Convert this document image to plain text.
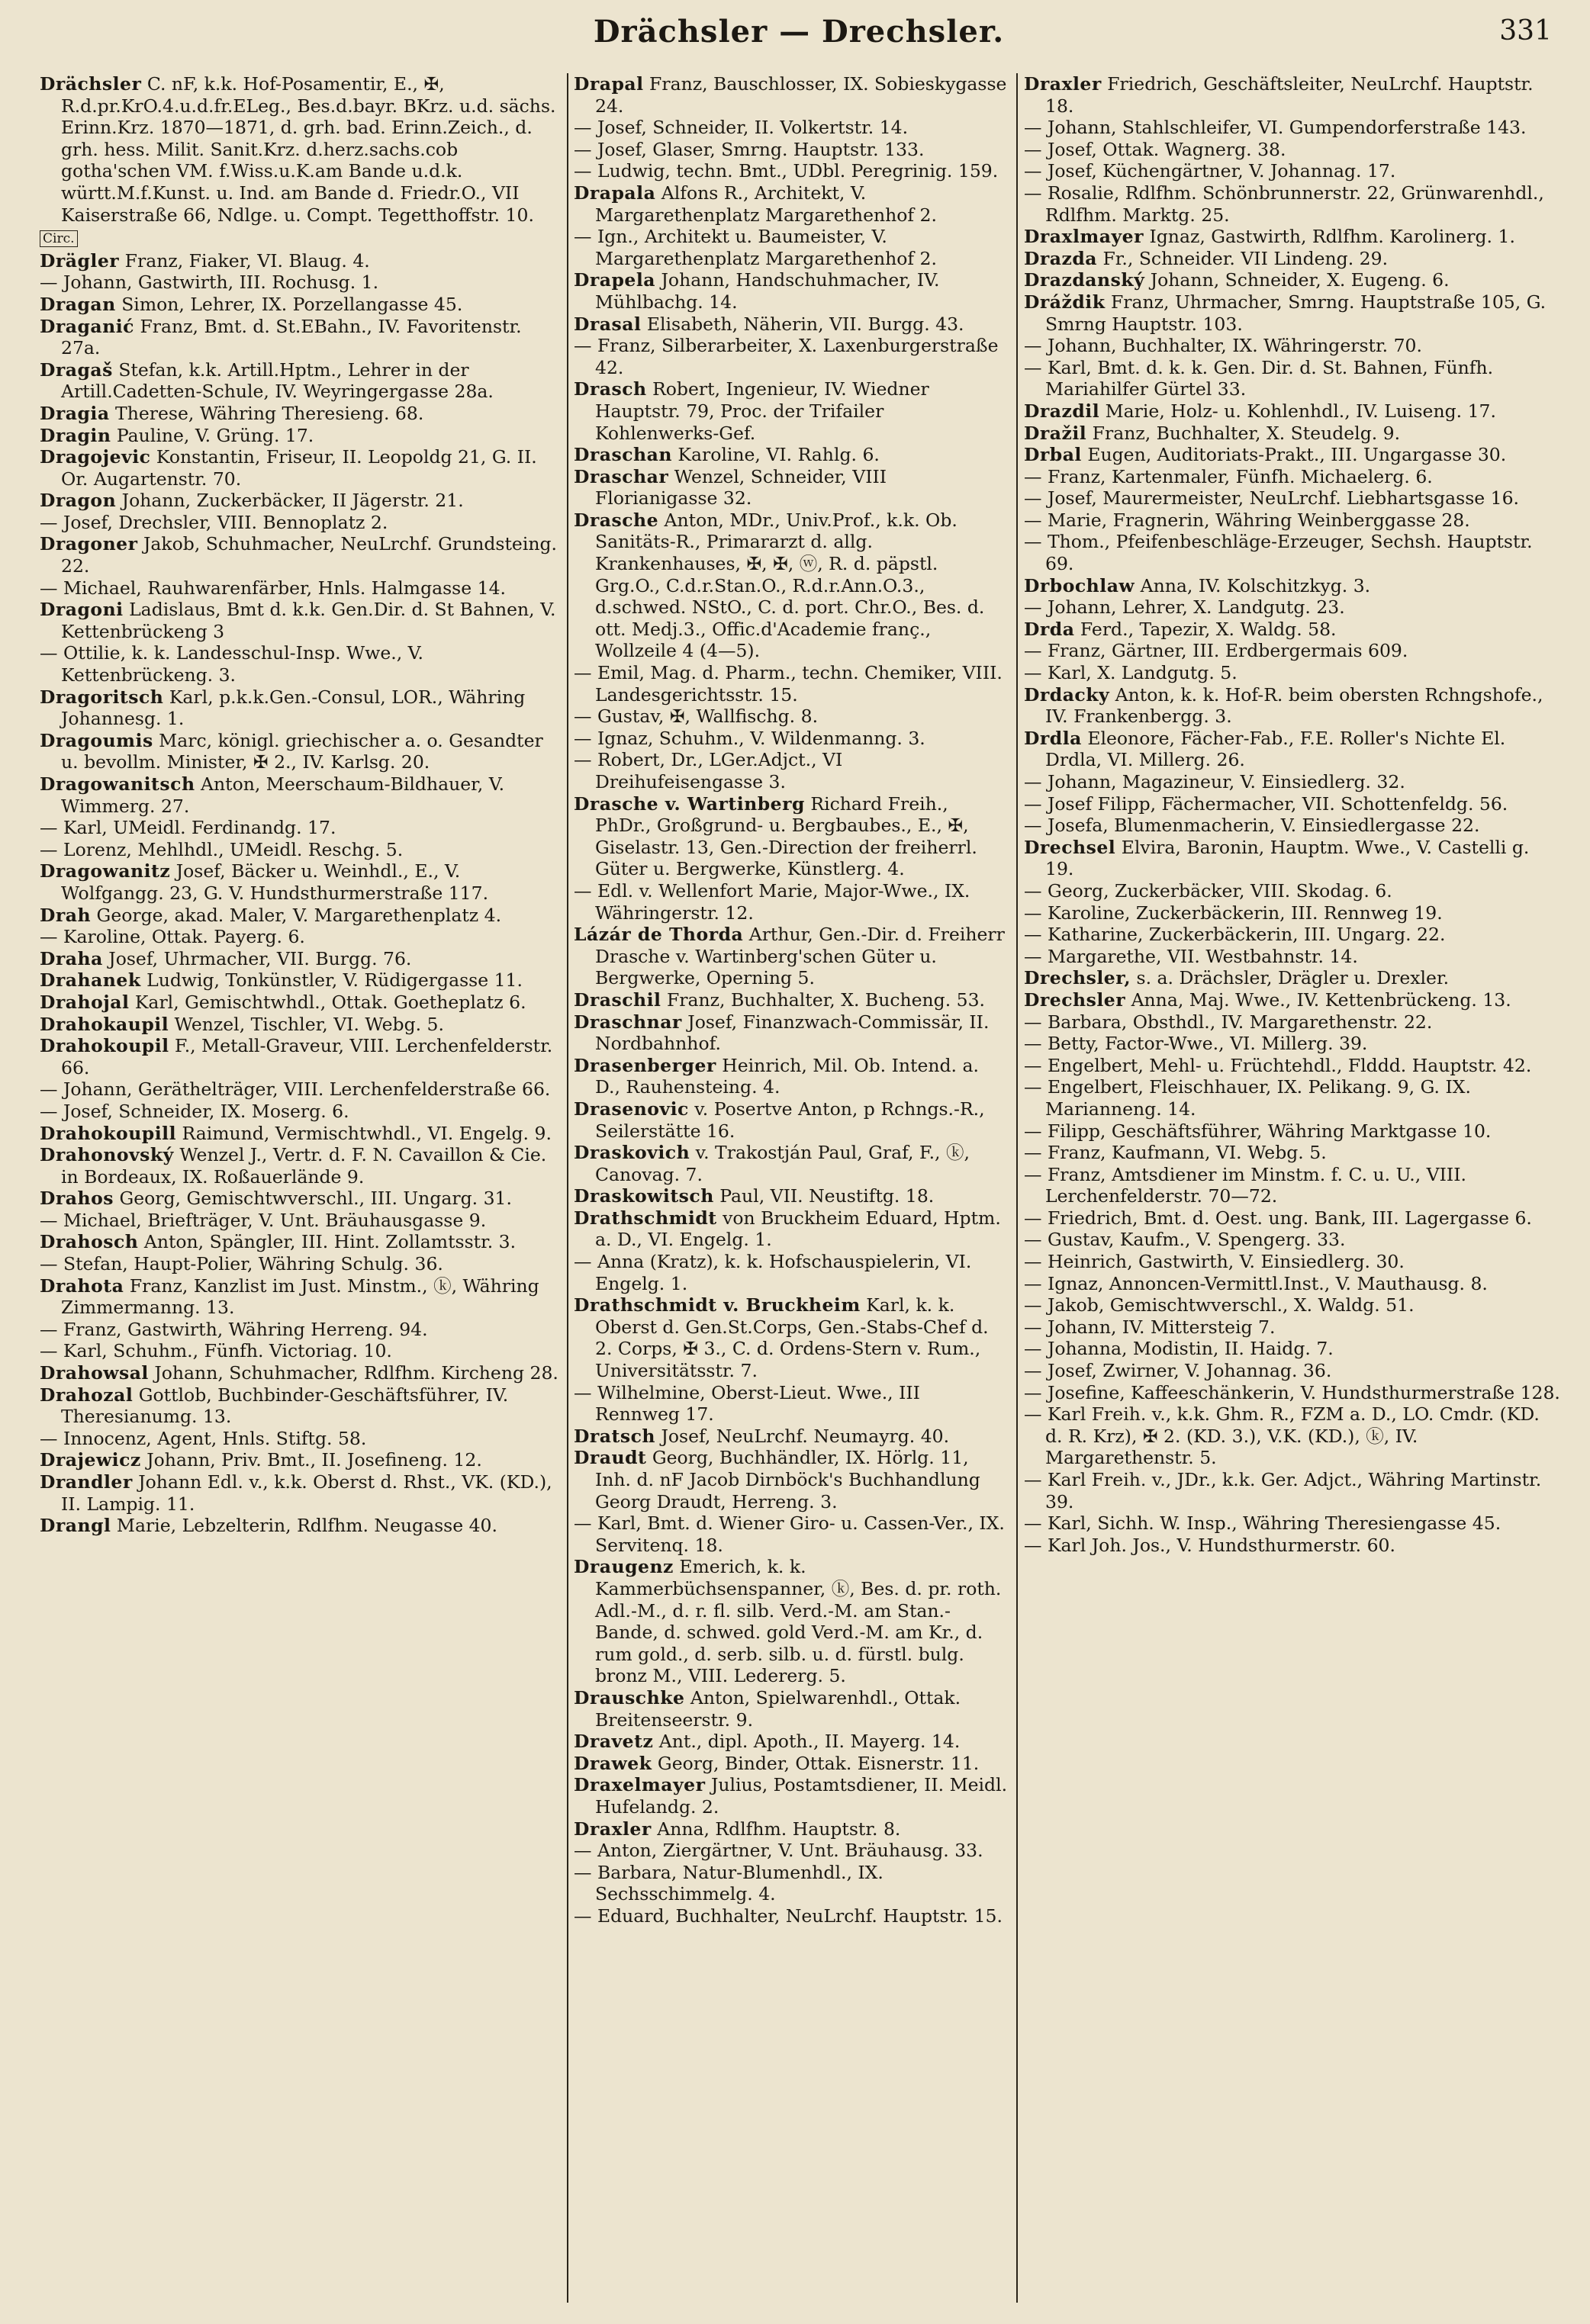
Drächsler — Drechsler.	331

Drächsler C. nF, k.k. Hof-Posamentir, E., ✠, R.d.pr.KrO.4.u.d.fr.ELeg., Bes.d.bayr. BKrz. u.d. sächs. Erinn.Krz. 1870—1871, d. grh. bad. Erinn.Zeich., d. grh. hess. Milit. Sanit.Krz. d.herz.sachs.cob gotha'schen VM. f.Wiss.u.K.am Bande u.d.k. württ.M.f.Kunst. u. Ind. am Bande d. Friedr.O., VII Kaiserstraße 66, Ndlge. u. Compt. Tegetthoffstr. 10.

Circ.

Drägler Franz, Fiaker, VI. Blaug. 4.

— Johann, Gastwirth, III. Rochusg. 1.

Dragan Simon, Lehrer, IX. Porzellangasse 45.

Draganić Franz, Bmt. d. St.EBahn., IV. Favoritenstr. 27a.

Dragaš Stefan, k.k. Artill.Hptm., Lehrer in der Artill.Cadetten-Schule, IV. Weyringergasse 28a.

Dragia Therese, Währing Theresieng. 68.

Dragin Pauline, V. Grüng. 17.

Dragojevic Konstantin, Friseur, II. Leopoldg 21, G. II. Or. Augartenstr. 70.

Dragon Johann, Zuckerbäcker, II Jägerstr. 21.

— Josef, Drechsler, VIII. Bennoplatz 2.

Dragoner Jakob, Schuhmacher, NeuLrchf. Grundsteing. 22.

— Michael, Rauhwarenfärber, Hnls. Halmgasse 14.

Dragoni Ladislaus, Bmt d. k.k. Gen.Dir. d. St Bahnen, V. Kettenbrückeng 3

— Ottilie, k. k. Landesschul-Insp. Wwe., V. Kettenbrückeng. 3.

Dragoritsch Karl, p.k.k.Gen.-Consul, LOR., Währing Johannesg. 1.

Dragoumis Marc, königl. griechischer a. o. Gesandter u. bevollm. Minister, ✠ 2., IV. Karlsg. 20.

Dragowanitsch Anton, Meerschaum-Bildhauer, V. Wimmerg. 27.

— Karl, UMeidl. Ferdinandg. 17.

— Lorenz, Mehlhdl., UMeidl. Reschg. 5.

Dragowanitz Josef, Bäcker u. Weinhdl., E., V. Wolfgangg. 23, G. V. Hundsthurmerstraße 117.

Drah George, akad. Maler, V. Margarethenplatz 4.

— Karoline, Ottak. Payerg. 6.

Draha Josef, Uhrmacher, VII. Burgg. 76.

Drahanek Ludwig, Tonkünstler, V. Rüdigergasse 11.

Drahojal Karl, Gemischtwhdl., Ottak. Goetheplatz 6.

Drahokaupil Wenzel, Tischler, VI. Webg. 5.

Drahokoupil F., Metall-Graveur, VIII. Lerchenfelderstr. 66.

— Johann, Geräthelträger, VIII. Lerchenfelderstraße 66.

— Josef, Schneider, IX. Moserg. 6.

Drahokoupill Raimund, Vermischtwhdl., VI. Engelg. 9.

Drahonovský Wenzel J., Vertr. d. F. N. Cavaillon & Cie. in Bordeaux, IX. Roßauerlände 9.

Drahos Georg, Gemischtwverschl., III. Ungarg. 31.

— Michael, Briefträger, V. Unt. Bräuhausgasse 9.

Drahosch Anton, Spängler, III. Hint. Zollamtsstr. 3.

— Stefan, Haupt-Polier, Währing Schulg. 36.

Drahota Franz, Kanzlist im Just. Minstm., ⓚ, Währing Zimmermanng. 13.

— Franz, Gastwirth, Währing Herreng. 94.

— Karl, Schuhm., Fünfh. Victoriag. 10.

Drahowsal Johann, Schuhmacher, Rdlfhm. Kircheng 28.

Drahozal Gottlob, Buchbinder-Geschäftsführer, IV. Theresianumg. 13.

— Innocenz, Agent, Hnls. Stiftg. 58.

Drajewicz Johann, Priv. Bmt., II. Josefineng. 12.

Drandler Johann Edl. v., k.k. Oberst d. Rhst., VK. (KD.), II. Lampig. 11.

Drangl Marie, Lebzelterin, Rdlfhm. Neugasse 40.

Drapal Franz, Bauschlosser, IX. Sobieskygasse 24.

— Josef, Schneider, II. Volkertstr. 14.

— Josef, Glaser, Smrng. Hauptstr. 133.

— Ludwig, techn. Bmt., UDbl. Peregrinig. 159.

Drapala Alfons R., Architekt, V. Margarethenplatz Margarethenhof 2.

— Ign., Architekt u. Baumeister, V. Margarethenplatz Margarethenhof 2.

Drapela Johann, Handschuhmacher, IV. Mühlbachg. 14.

Drasal Elisabeth, Näherin, VII. Burgg. 43.

— Franz, Silberarbeiter, X. Laxenburgerstraße 42.

Drasch Robert, Ingenieur, IV. Wiedner Hauptstr. 79, Proc. der Trifailer Kohlenwerks-Gef.

Draschan Karoline, VI. Rahlg. 6.

Draschar Wenzel, Schneider, VIII Florianigasse 32.

Drasche Anton, MDr., Univ.Prof., k.k. Ob. Sanitäts-R., Primararzt d. allg. Krankenhauses, ✠, ✠, ⓦ, R. d. päpstl. Grg.O., C.d.r.Stan.O., R.d.r.Ann.O.3., d.schwed. NStO., C. d. port. Chr.O., Bes. d. ott. Medj.3., Offic.d'Academie franç., Wollzeile 4 (4—5).

— Emil, Mag. d. Pharm., techn. Chemiker, VIII. Landesgerichtsstr. 15.

— Gustav, ✠, Wallfischg. 8.

— Ignaz, Schuhm., V. Wildenmanng. 3.

— Robert, Dr., LGer.Adjct., VI Dreihufeisengasse 3.

Drasche v. Wartinberg Richard Freih., PhDr., Großgrund- u. Bergbaubes., E., ✠, Giselastr. 13, Gen.-Direction der freiherrl. Güter u. Bergwerke, Künstlerg. 4.

— Edl. v. Wellenfort Marie, Major-Wwe., IX. Währingerstr. 12.

Lázár de Thorda Arthur, Gen.-Dir. d. Freiherr Drasche v. Wartinberg'schen Güter u. Bergwerke, Operning 5.

Draschil Franz, Buchhalter, X. Bucheng. 53.

Draschnar Josef, Finanzwach-Commissär, II. Nordbahnhof.

Drasenberger Heinrich, Mil. Ob. Intend. a. D., Rauhensteing. 4.

Drasenovic v. Posertve Anton, p Rchngs.-R., Seilerstätte 16.

Draskovich v. Trakostján Paul, Graf, F., ⓚ, Canovag. 7.

Draskowitsch Paul, VII. Neustiftg. 18.

Drathschmidt von Bruckheim Eduard, Hptm. a. D., VI. Engelg. 1.

— Anna (Kratz), k. k. Hofschauspielerin, VI. Engelg. 1.

Drathschmidt v. Bruckheim Karl, k. k. Oberst d. Gen.St.Corps, Gen.-Stabs-Chef d. 2. Corps, ✠ 3., C. d. Ordens-Stern v. Rum., Universitätsstr. 7.

— Wilhelmine, Oberst-Lieut. Wwe., III Rennweg 17.

Dratsch Josef, NeuLrchf. Neumayrg. 40.

Draudt Georg, Buchhändler, IX. Hörlg. 11, Inh. d. nF Jacob Dirnböck's Buchhandlung Georg Draudt, Herreng. 3.

— Karl, Bmt. d. Wiener Giro- u. Cassen-Ver., IX. Servitenq. 18.

Draugenz Emerich, k. k. Kammerbüchsenspanner, ⓚ, Bes. d. pr. roth. Adl.-M., d. r. fl. silb. Verd.-M. am Stan.-Bande, d. schwed. gold Verd.-M. am Kr., d. rum gold., d. serb. silb. u. d. fürstl. bulg. bronz M., VIII. Ledererg. 5.

Drauschke Anton, Spielwarenhdl., Ottak. Breitenseerstr. 9.

Dravetz Ant., dipl. Apoth., II. Mayerg. 14.

Drawek Georg, Binder, Ottak. Eisnerstr. 11.

Draxelmayer Julius, Postamtsdiener, II. Meidl. Hufelandg. 2.

Draxler Anna, Rdlfhm. Hauptstr. 8.

— Anton, Ziergärtner, V. Unt. Bräuhausg. 33.

— Barbara, Natur-Blumenhdl., IX. Sechsschimmelg. 4.

— Eduard, Buchhalter, NeuLrchf. Hauptstr. 15.

Draxler Friedrich, Geschäftsleiter, NeuLrchf. Hauptstr. 18.

— Johann, Stahlschleifer, VI. Gumpendorferstraße 143.

— Josef, Ottak. Wagnerg. 38.

— Josef, Küchengärtner, V. Johannag. 17.

— Rosalie, Rdlfhm. Schönbrunnerstr. 22, Grünwarenhdl., Rdlfhm. Marktg. 25.

Draxlmayer Ignaz, Gastwirth, Rdlfhm. Karolinerg. 1.

Drazda Fr., Schneider. VII Lindeng. 29.

Drazdanský Johann, Schneider, X. Eugeng. 6.

Dráždik Franz, Uhrmacher, Smrng. Hauptstraße 105, G. Smrng Hauptstr. 103.

— Johann, Buchhalter, IX. Währingerstr. 70.

— Karl, Bmt. d. k. k. Gen. Dir. d. St. Bahnen, Fünfh. Mariahilfer Gürtel 33.

Drazdil Marie, Holz- u. Kohlenhdl., IV. Luiseng. 17.

Dražil Franz, Buchhalter, X. Steudelg. 9.

Drbal Eugen, Auditoriats-Prakt., III. Ungargasse 30.

— Franz, Kartenmaler, Fünfh. Michaelerg. 6.

— Josef, Maurermeister, NeuLrchf. Liebhartsgasse 16.

— Marie, Fragnerin, Währing Weinberggasse 28.

— Thom., Pfeifenbeschläge-Erzeuger, Sechsh. Hauptstr. 69.

Drbochlaw Anna, IV. Kolschitzkyg. 3.

— Johann, Lehrer, X. Landgutg. 23.

Drda Ferd., Tapezir, X. Waldg. 58.

— Franz, Gärtner, III. Erdbergermais 609.

— Karl, X. Landgutg. 5.

Drdacky Anton, k. k. Hof-R. beim obersten Rchngshofe., IV. Frankenbergg. 3.

Drdla Eleonore, Fächer-Fab., F.E. Roller's Nichte El. Drdla, VI. Millerg. 26.

— Johann, Magazineur, V. Einsiedlerg. 32.

— Josef Filipp, Fächermacher, VII. Schottenfeldg. 56.

— Josefa, Blumenmacherin, V. Einsiedlergasse 22.

Drechsel Elvira, Baronin, Hauptm. Wwe., V. Castelli g. 19.

— Georg, Zuckerbäcker, VIII. Skodag. 6.

— Karoline, Zuckerbäckerin, III. Rennweg 19.

— Katharine, Zuckerbäckerin, III. Ungarg. 22.

— Margarethe, VII. Westbahnstr. 14.

Drechsler, s. a. Drächsler, Drägler u. Drexler.

Drechsler Anna, Maj. Wwe., IV. Kettenbrückeng. 13.

— Barbara, Obsthdl., IV. Margarethenstr. 22.

— Betty, Factor-Wwe., VI. Millerg. 39.

— Engelbert, Mehl- u. Früchtehdl., Flddd. Hauptstr. 42.

— Engelbert, Fleischhauer, IX. Pelikang. 9, G. IX. Marianneng. 14.

— Filipp, Geschäftsführer, Währing Marktgasse 10.

— Franz, Kaufmann, VI. Webg. 5.

— Franz, Amtsdiener im Minstm. f. C. u. U., VIII. Lerchenfelderstr. 70—72.

— Friedrich, Bmt. d. Oest. ung. Bank, III. Lagergasse 6.

— Gustav, Kaufm., V. Spengerg. 33.

— Heinrich, Gastwirth, V. Einsiedlerg. 30.

— Ignaz, Annoncen-Vermittl.Inst., V. Mauthausg. 8.

— Jakob, Gemischtwverschl., X. Waldg. 51.

— Johann, IV. Mittersteig 7.

— Johanna, Modistin, II. Haidg. 7.

— Josef, Zwirner, V. Johannag. 36.

— Josefine, Kaffeeschänkerin, V. Hundsthurmerstraße 128.

— Karl Freih. v., k.k. Ghm. R., FZM a. D., LO. Cmdr. (KD. d. R. Krz), ✠ 2. (KD. 3.), V.K. (KD.), ⓚ, IV. Margarethenstr. 5.

— Karl Freih. v., JDr., k.k. Ger. Adjct., Währing Martinstr. 39.

— Karl, Sichh. W. Insp., Währing Theresiengasse 45.

— Karl Joh. Jos., V. Hundsthurmerstr. 60.
